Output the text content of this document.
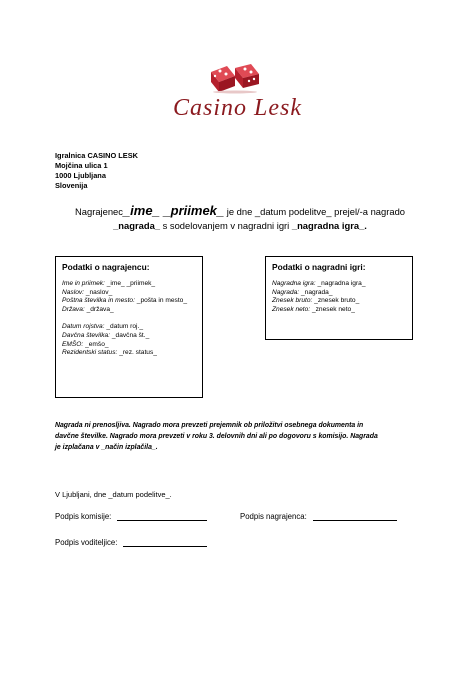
Casino Lesk
Igralnica CASINO LESK
Mojčina ulica 1
1000 Ljubljana
Slovenija
Nagrajenec_ime_ _priimek_ je dne _datum podelitve_ prejel/-a nagrado
_nagrada_ s sodelovanjem v nagradni igri _nagradna igra_.
Podatki o nagrajencu:
Ime in priimek: _ime_ _priimek_
Naslov: _naslov_
Poštna številka in mesto: _pošta in mesto_
Država: _država_
Datum rojstva: _datum roj._
Davčna številka: _davčna št._
EMŠO: _emšo_
Rezidentski status: _rez. status_
Podatki o nagradni igri:
Nagradna igra: _nagradna igra_
Nagrada: _nagrada_
Znesek bruto: _znesek bruto_
Znesek neto: _znesek neto_
Nagrada ni prenosljiva. Nagrado mora prevzeti prejemnik ob priložitvi osebnega dokumenta in
davčne številke. Nagrado mora prevzeti v roku 3. delovnih dni ali po dogovoru s komisijo. Nagrada
je izplačana v _način izplačila_.
V Ljubljani, dne _datum podelitve_.
Podpis komisije:	Podpis nagrajenca:
Podpis voditeljice:
